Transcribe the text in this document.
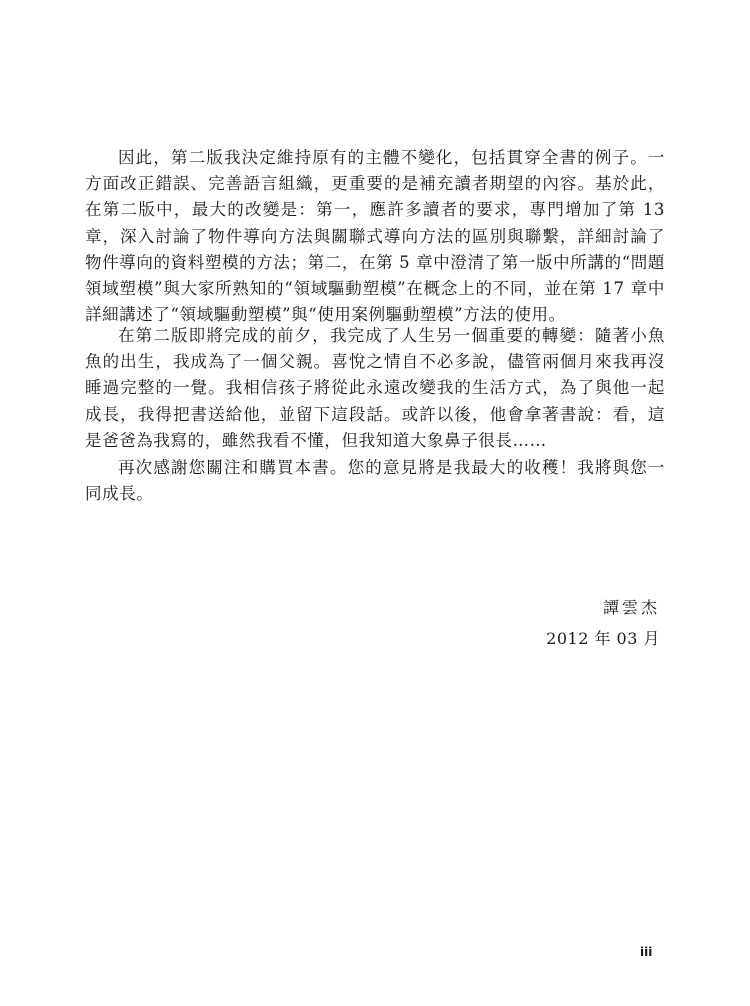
因此，第二版我決定維持原有的主體不變化，包括貫穿全書的例子。一方面改正錯誤、完善語言組織，更重要的是補充讀者期望的內容。基於此，在第二版中，最大的改變是：第一，應許多讀者的要求，專門增加了第 13 章，深入討論了物件導向方法與關聯式導向方法的區別與聯繫，詳細討論了物件導向的資料塑模的方法；第二，在第 5 章中澄清了第一版中所講的“問題領域塑模”與大家所熟知的“領域驅動塑模”在概念上的不同，並在第 17 章中詳細講述了“領域驅動塑模”與“使用案例驅動塑模”方法的使用。

在第二版即將完成的前夕，我完成了人生另一個重要的轉變：隨著小魚魚的出生，我成為了一個父親。喜悅之情自不必多說，儘管兩個月來我再沒睡過完整的一覺。我相信孩子將從此永遠改變我的生活方式，為了與他一起成長，我得把書送給他，並留下這段話。或許以後，他會拿著書說：看，這是爸爸為我寫的，雖然我看不懂，但我知道大象鼻子很長……

再次感謝您關注和購買本書。您的意見將是我最大的收穫！我將與您一同成長。

譚雲杰
2012 年 03 月
iii
